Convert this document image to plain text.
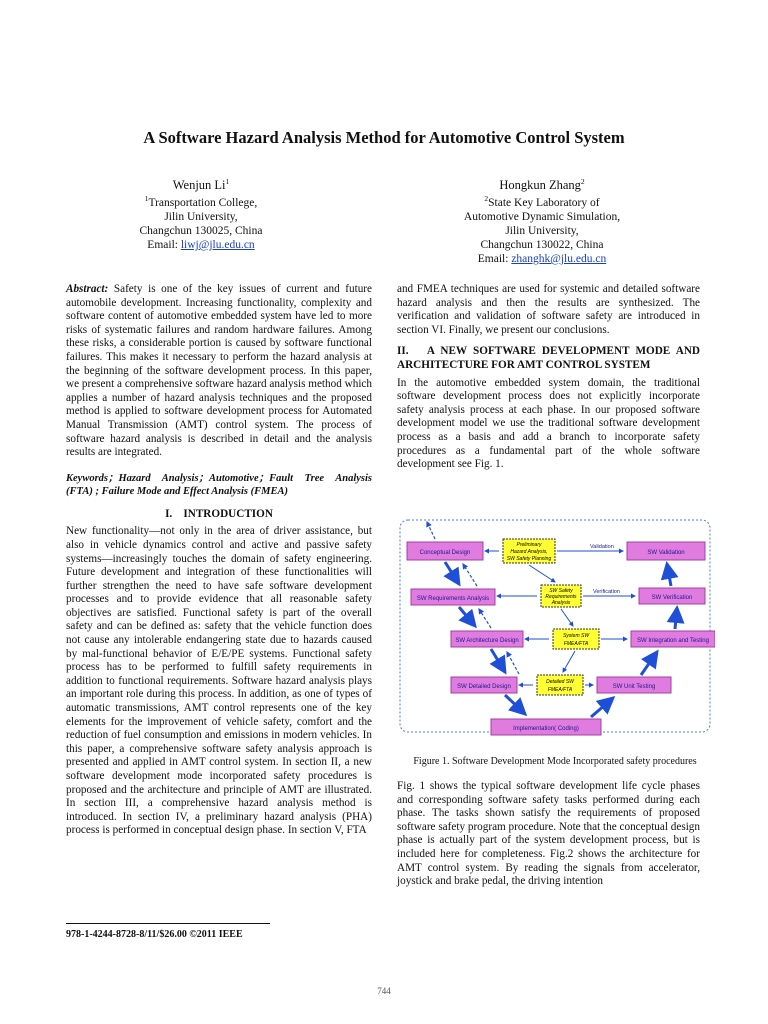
A Software Hazard Analysis Method for Automotive Control System
Wenjun Li$^1$
$^1$Transportation College,
Jilin University,
Changchun 130025, China
Email: liwj@jlu.edu.cn
Hongkun Zhang$^2$
$^2$State Key Laboratory of
Automotive Dynamic Simulation,
Jilin University,
Changchun 130022, China
Email: zhanghk@jlu.edu.cn

Abstract: Safety is one of the key issues of current and future automobile development. Increasing functionality, complexity and software content of automotive embedded system have led to more risks of systematic failures and random hardware failures. Among these risks, a considerable portion is caused by software functional failures. This makes it necessary to perform the hazard analysis at the beginning of the software development process. In this paper, we present a comprehensive software hazard analysis method which applies a number of hazard analysis techniques and the proposed method is applied to software development process for Automated Manual Transmission (AMT) control system. The process of software hazard analysis is described in detail and the analysis results are integrated.

Keywords；Hazard Analysis；Automotive；Fault Tree Analysis (FTA) ; Failure Mode and Effect Analysis (FMEA)

I.    INTRODUCTION

New functionality—not only in the area of driver assistance, but also in vehicle dynamics control and active and passive safety systems—increasingly touches the domain of safety engineering. Future development and integration of these functionalities will further strengthen the need to have safe software development processes and to provide evidence that all reasonable safety objectives are satisfied. Functional safety is part of the overall safety and can be defined as: safety that the vehicle function does not cause any intolerable endangering state due to hazards caused by mal-functional behavior of E/E/PE systems. Functional safety process has to be performed to fulfill safety requirements in addition to functional requirements. Software hazard analysis plays an important role during this process. In addition, as one of types of automatic transmissions, AMT control represents one of the key elements for the improvement of vehicle safety, comfort and the reduction of fuel consumption and emissions in modern vehicles. In this paper, a comprehensive software safety analysis approach is presented and applied in AMT control system. In section II, a new software development mode incorporated safety procedures is proposed and the architecture and principle of AMT are illustrated. In section III, a comprehensive hazard analysis method is introduced. In section IV, a preliminary hazard analysis (PHA) process is performed in conceptual design phase. In section V, FTA

and FMEA techniques are used for systemic and detailed software hazard analysis and then the results are synthesized. The verification and validation of software safety are introduced in section VI. Finally, we present our conclusions.

II.   A NEW SOFTWARE DEVELOPMENT MODE AND ARCHITECTURE FOR AMT CONTROL SYSTEM

In the automotive embedded system domain, the traditional software development process does not explicitly incorporate safety analysis process at each phase. In our proposed software development model we use the traditional software development process as a basis and add a branch to incorporate safety procedures as a fundamental part of the whole software development see Fig. 1.

Conceptual Design
SW Requirements Analysis
SW Architecture Design
SW Detailed Design
Implementation( Coding)
SW Unit Testing
SW Integration and Testing
SW Verification
SW Validation
Preliminary
Hazard Analysis,
SW Safety Planning
SW Safety
Requirements
Analysis
System SW
FMEA/FTA
Detailed SW
FMEA/FTA
Validation
Verification
Figure 1. Software Development Mode Incorporated safety procedures

Fig. 1 shows the typical software development life cycle phases and corresponding software safety tasks performed during each phase. The tasks shown satisfy the requirements of proposed software safety program procedure. Note that the conceptual design phase is actually part of the system development process, but is included here for completeness. Fig.2 shows the architecture for AMT control system. By reading the signals from accelerator, joystick and brake pedal, the driving intention

978-1-4244-8728-8/11/$26.00 ©2011 IEEE
744
